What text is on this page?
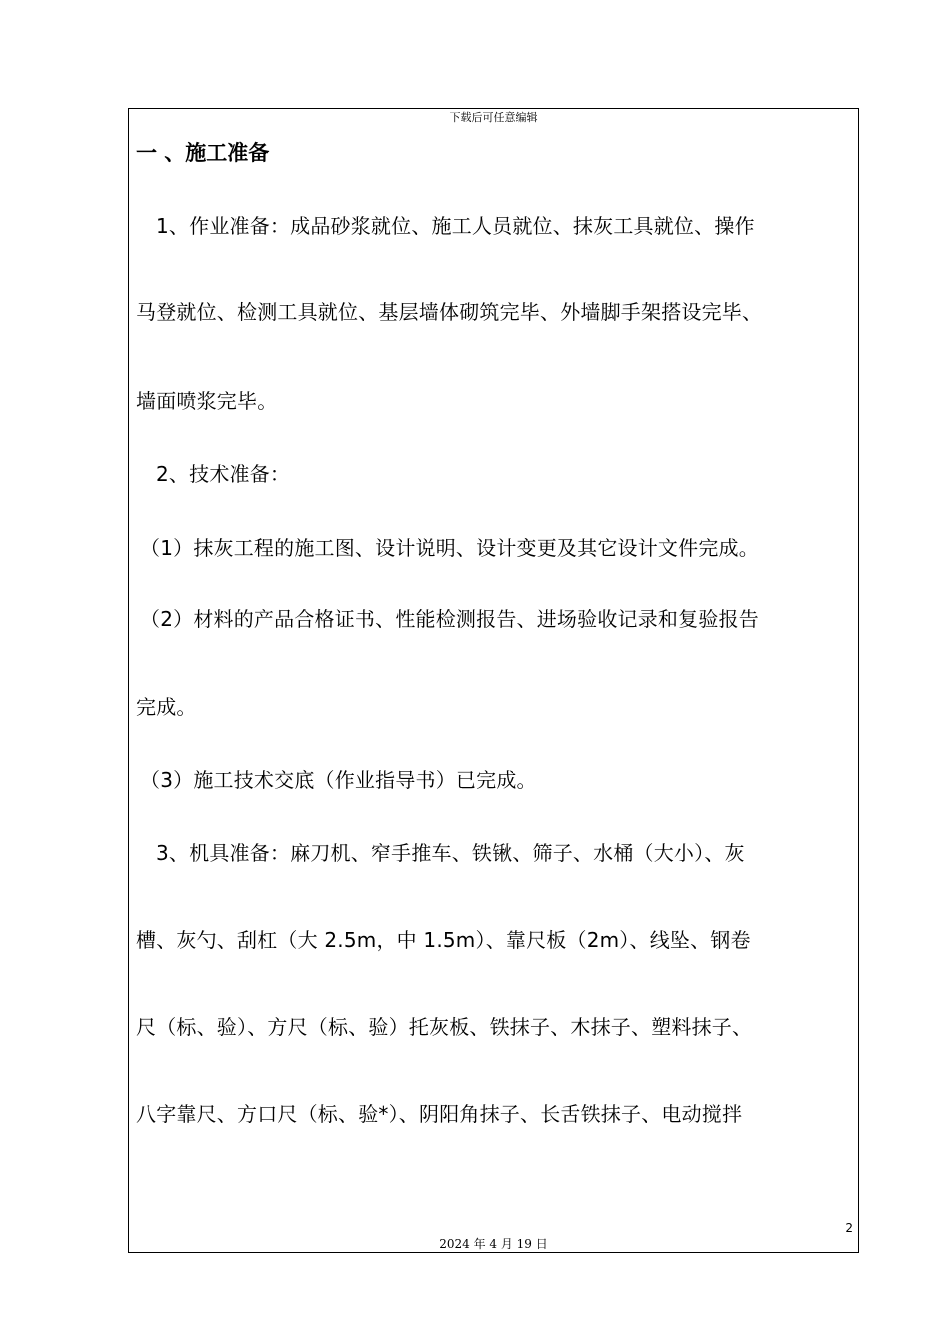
下载后可任意编辑
一 、施工准备
1、作业准备：成品砂浆就位、施工人员就位、抹灰工具就位、操作
马登就位、检测工具就位、基层墙体砌筑完毕、外墙脚手架搭设完毕、
墙面喷浆完毕。
2、技术准备：
（1）抹灰工程的施工图、设计说明、设计变更及其它设计文件完成。
（2）材料的产品合格证书、性能检测报告、进场验收记录和复验报告
完成。
（3）施工技术交底（作业指导书）已完成。
3、机具准备：麻刀机、窄手推车、铁锹、筛子、水桶（大小）、灰
槽、灰勺、刮杠（大 2.5m，中 1.5m）、靠尺板（2m）、线坠、钢卷
尺（标、验）、方尺（标、验）托灰板、铁抹子、木抹子、塑料抹子、
八字靠尺、方口尺（标、验*）、阴阳角抹子、长舌铁抹子、电动搅拌
2
2024 年 4 月 19 日
